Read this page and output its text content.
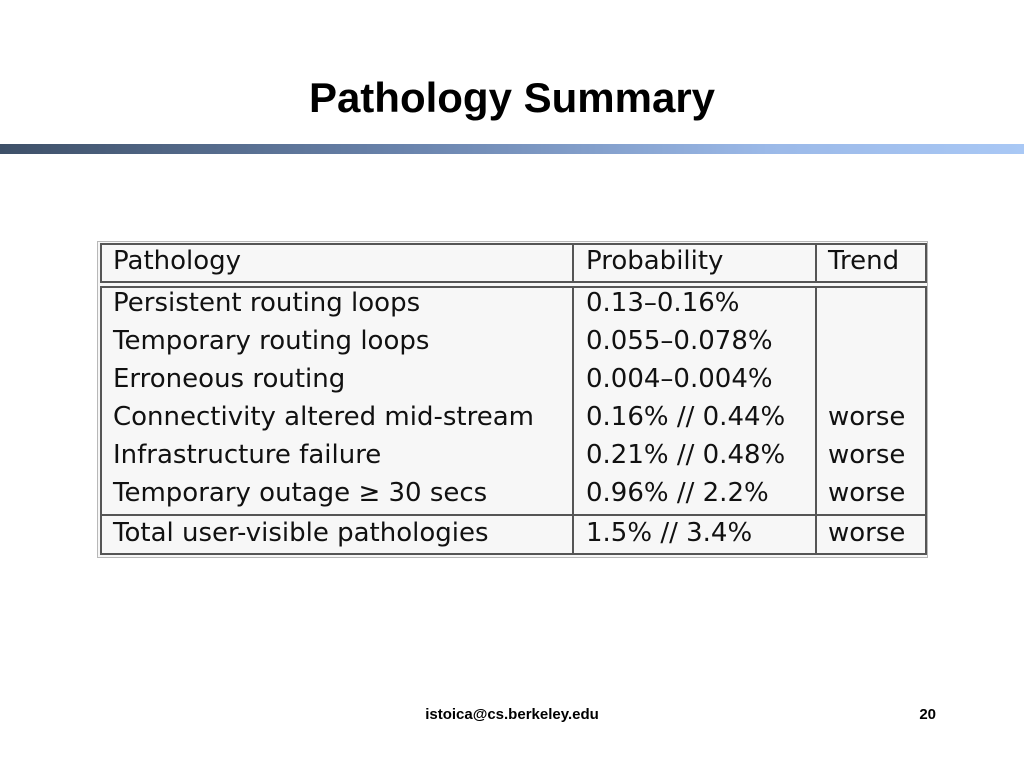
Pathology Summary
Pathology	Probability	Trend
Persistent routing loops	0.13–0.16%
Temporary routing loops	0.055–0.078%
Erroneous routing	0.004–0.004%
Connectivity altered mid-stream 0.16% // 0.44% worse
Infrastructure failure	0.21% // 0.48% worse
Temporary outage ≥ 30 secs	0.96% // 2.2% worse
Total user-visible pathologies	1.5% // 3.4%	worse
istoica@cs.berkeley.edu	20
